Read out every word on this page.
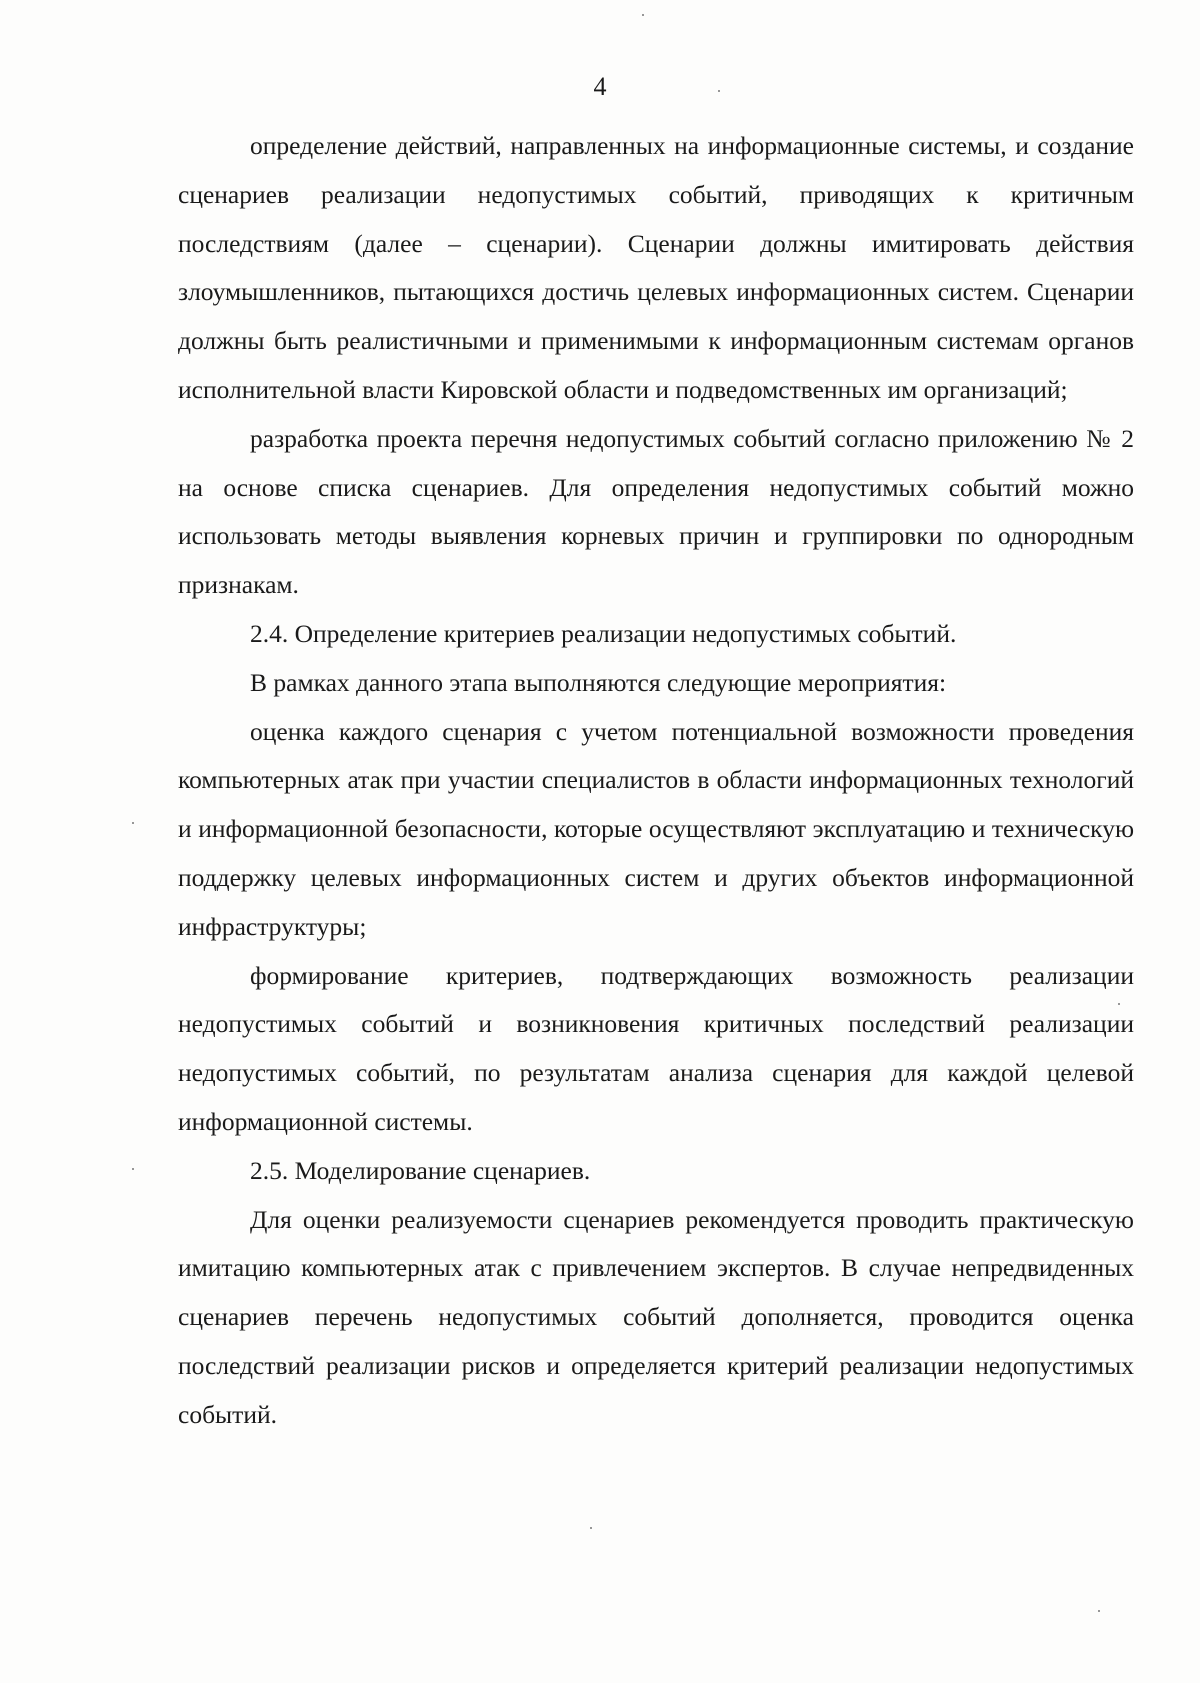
4

определение действий, направленных на информационные системы, и создание сценариев реализации недопустимых событий, приводящих к критичным последствиям (далее – сценарии). Сценарии должны имитировать действия злоумышленников, пытающихся достичь целевых информационных систем. Сценарии должны быть реалистичными и применимыми к информационным системам органов исполнительной власти Кировской области и подведомственных им организаций;

разработка проекта перечня недопустимых событий согласно приложению № 2 на основе списка сценариев. Для определения недопустимых событий можно использовать методы выявления корневых причин и группировки по однородным признакам.

2.4. Определение критериев реализации недопустимых событий.

В рамках данного этапа выполняются следующие мероприятия:

оценка каждого сценария с учетом потенциальной возможности проведения компьютерных атак при участии специалистов в области информационных технологий и информационной безопасности, которые осуществляют эксплуатацию и техническую поддержку целевых информационных систем и других объектов информационной инфраструктуры;

формирование критериев, подтверждающих возможность реализации недопустимых событий и возникновения критичных последствий реализации недопустимых событий, по результатам анализа сценария для каждой целевой информационной системы.

2.5. Моделирование сценариев.

Для оценки реализуемости сценариев рекомендуется проводить практическую имитацию компьютерных атак с привлечением экспертов. В случае непредвиденных сценариев перечень недопустимых событий дополняется, проводится оценка последствий реализации рисков и определяется критерий реализации недопустимых событий.
